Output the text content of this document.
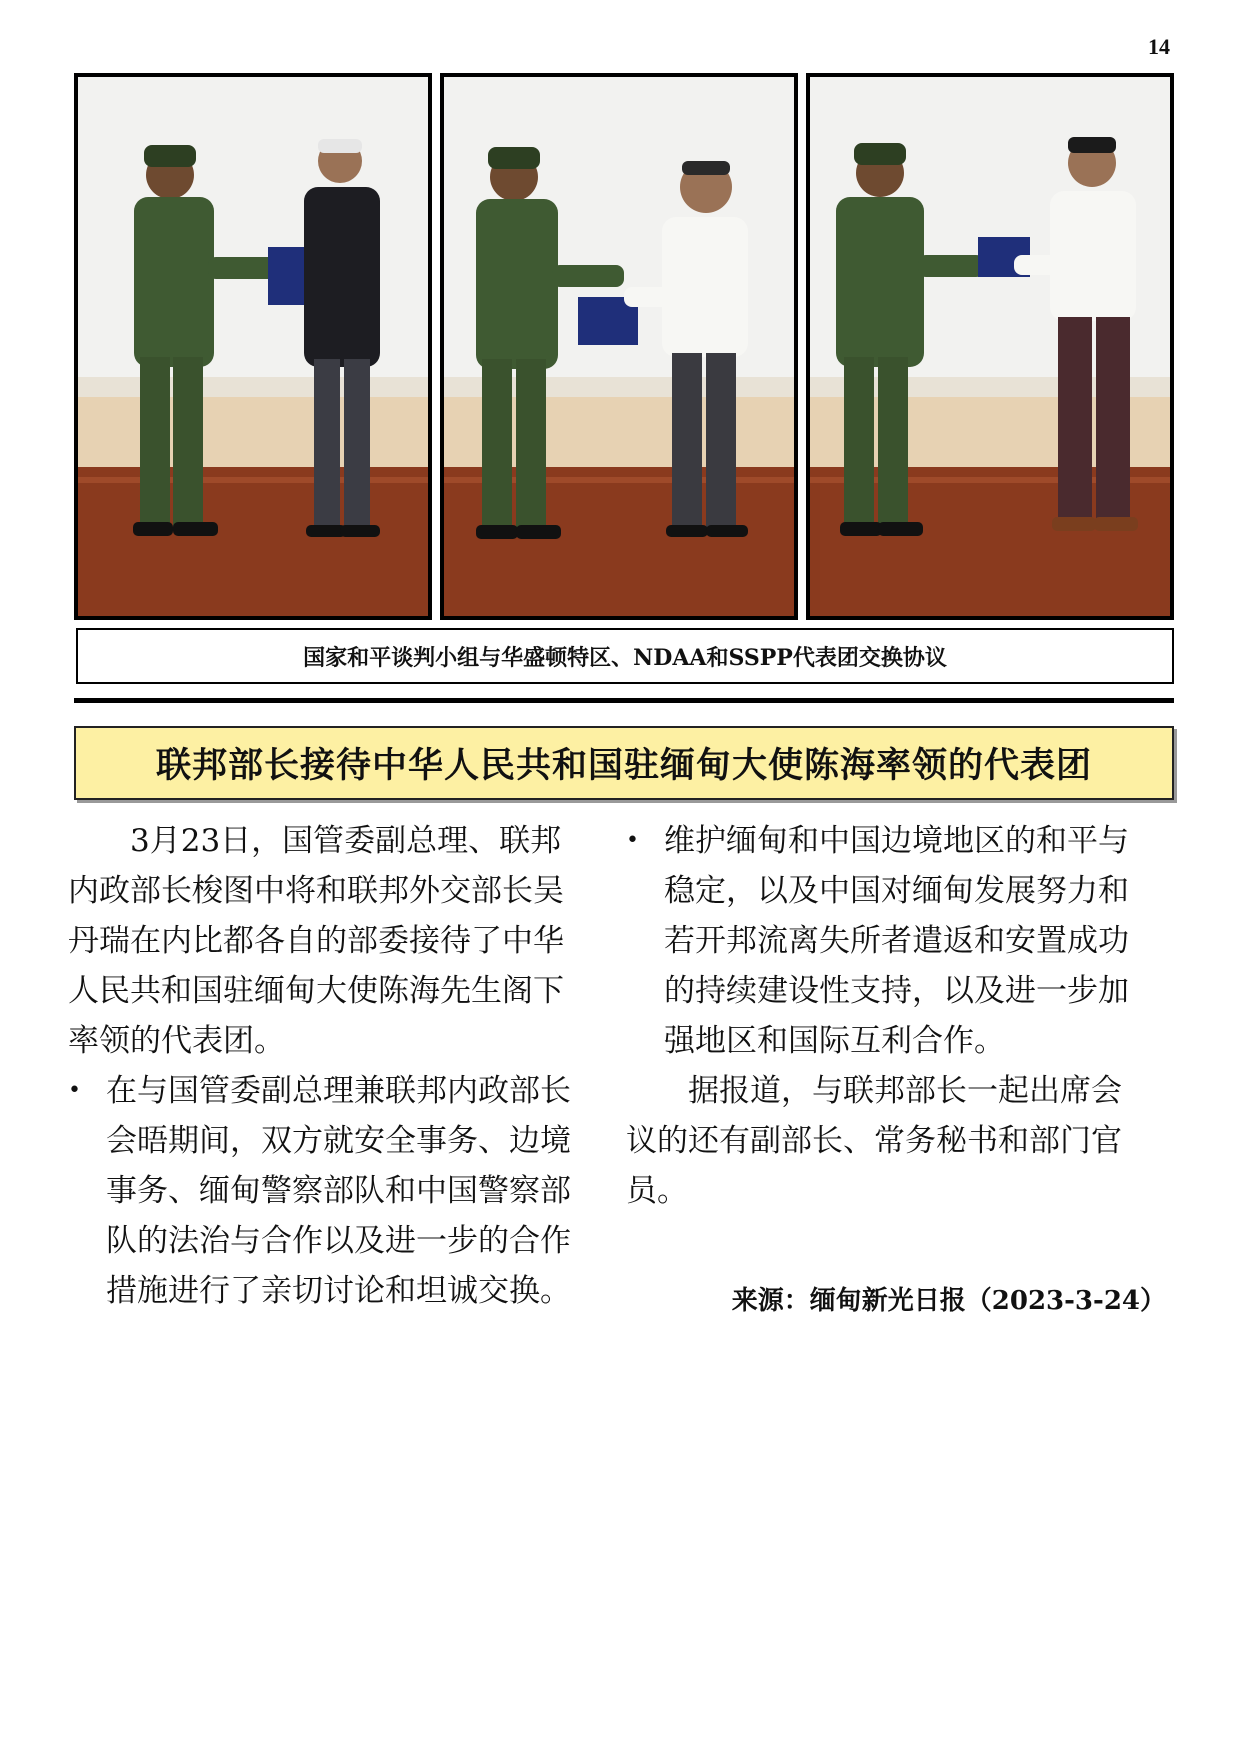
14
国家和平谈判小组与华盛顿特区、NDAA和SSPP代表团交换协议
联邦部长接待中华人民共和国驻缅甸大使陈海率领的代表团

3月23日，国管委副总理、联邦内政部长梭图中将和联邦外交部长吴丹瑞在内比都各自的部委接待了中华人民共和国驻缅甸大使陈海先生阁下率领的代表团。

• 在与国管委副总理兼联邦内政部长会晤期间，双方就安全事务、边境事务、缅甸警察部队和中国警察部队的法治与合作以及进一步的合作措施进行了亲切讨论和坦诚交换。

• 维护缅甸和中国边境地区的和平与稳定，以及中国对缅甸发展努力和若开邦流离失所者遣返和安置成功的持续建设性支持，以及进一步加强地区和国际互利合作。

据报道，与联邦部长一起出席会议的还有副部长、常务秘书和部门官员。

来源：缅甸新光日报（2023-3-24）
